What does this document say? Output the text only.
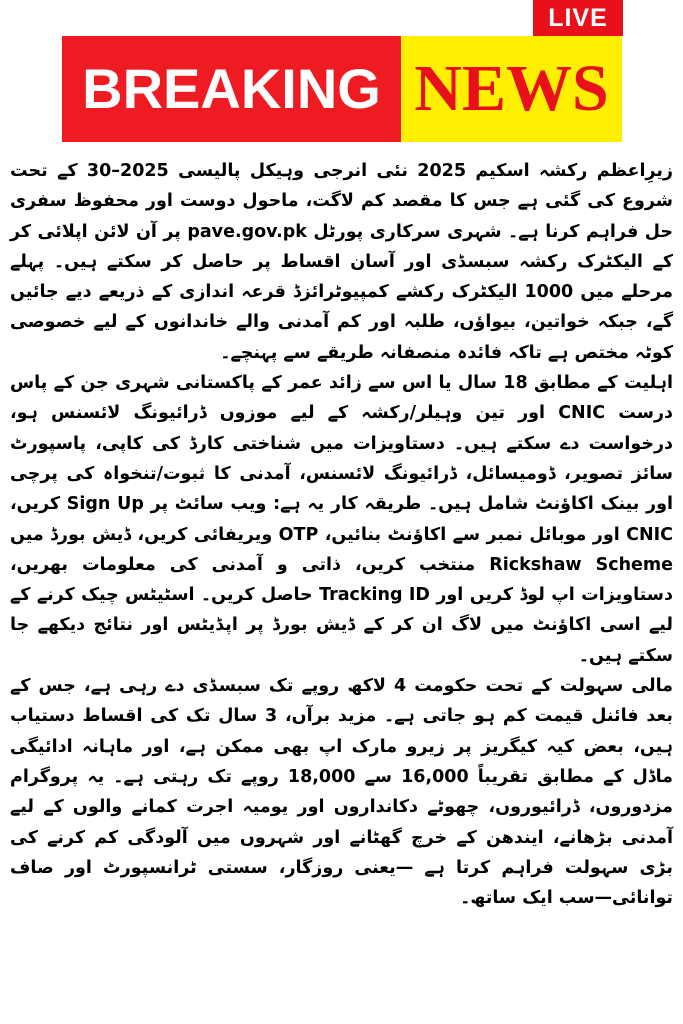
LIVE
BREAKING NEWS

زیرِاعظم رکشہ اسکیم 2025 نئی انرجی وہیکل پالیسی 2025–30 کے تحت شروع کی گئی ہے جس کا مقصد کم لاگت، ماحول دوست اور محفوظ سفری حل فراہم کرنا ہے۔ شہری سرکاری پورٹل pave.gov.pk پر آن لائن اپلائی کر کے الیکٹرک رکشہ سبسڈی اور آسان اقساط پر حاصل کر سکتے ہیں۔ پہلے مرحلے میں 1000 الیکٹرک رکشے کمپیوٹرائزڈ قرعہ اندازی کے ذریعے دیے جائیں گے، جبکہ خواتین، بیواؤں، طلبہ اور کم آمدنی والے خاندانوں کے لیے خصوصی کوٹہ مختص ہے تاکہ فائدہ منصفانہ طریقے سے پہنچے۔

اہلیت کے مطابق 18 سال یا اس سے زائد عمر کے پاکستانی شہری جن کے پاس درست CNIC اور تین وہیلر/رکشہ کے لیے موزوں ڈرائیونگ لائسنس ہو، درخواست دے سکتے ہیں۔ دستاویزات میں شناختی کارڈ کی کاپی، پاسپورٹ سائز تصویر، ڈومیسائل، ڈرائیونگ لائسنس، آمدنی کا ثبوت/تنخواہ کی پرچی اور بینک اکاؤنٹ شامل ہیں۔ طریقہ کار یہ ہے: ویب سائٹ پر Sign Up کریں، CNIC اور موبائل نمبر سے اکاؤنٹ بنائیں، OTP ویریفائی کریں، ڈیش بورڈ میں Rickshaw Scheme منتخب کریں، ذاتی و آمدنی کی معلومات بھریں، دستاویزات اپ لوڈ کریں اور Tracking ID حاصل کریں۔ اسٹیٹس چیک کرنے کے لیے اسی اکاؤنٹ میں لاگ ان کر کے ڈیش بورڈ پر اپڈیٹس اور نتائج دیکھے جا سکتے ہیں۔

مالی سہولت کے تحت حکومت 4 لاکھ روپے تک سبسڈی دے رہی ہے، جس کے بعد فائنل قیمت کم ہو جاتی ہے۔ مزید برآں، 3 سال تک کی اقساط دستیاب ہیں، بعض کیہ کیگریز پر زیرو مارک اپ بھی ممکن ہے، اور ماہانہ ادائیگی ماڈل کے مطابق تقریباً 16,000 سے 18,000 روپے تک رہتی ہے۔ یہ پروگرام مزدوروں، ڈرائیوروں، چھوٹے دکانداروں اور یومیہ اجرت کمانے والوں کے لیے آمدنی بڑھانے، ایندھن کے خرچ گھٹانے اور شہروں میں آلودگی کم کرنے کی بڑی سہولت فراہم کرتا ہے —یعنی روزگار، سستی ٹرانسپورٹ اور صاف توانائی—سب ایک ساتھ۔
